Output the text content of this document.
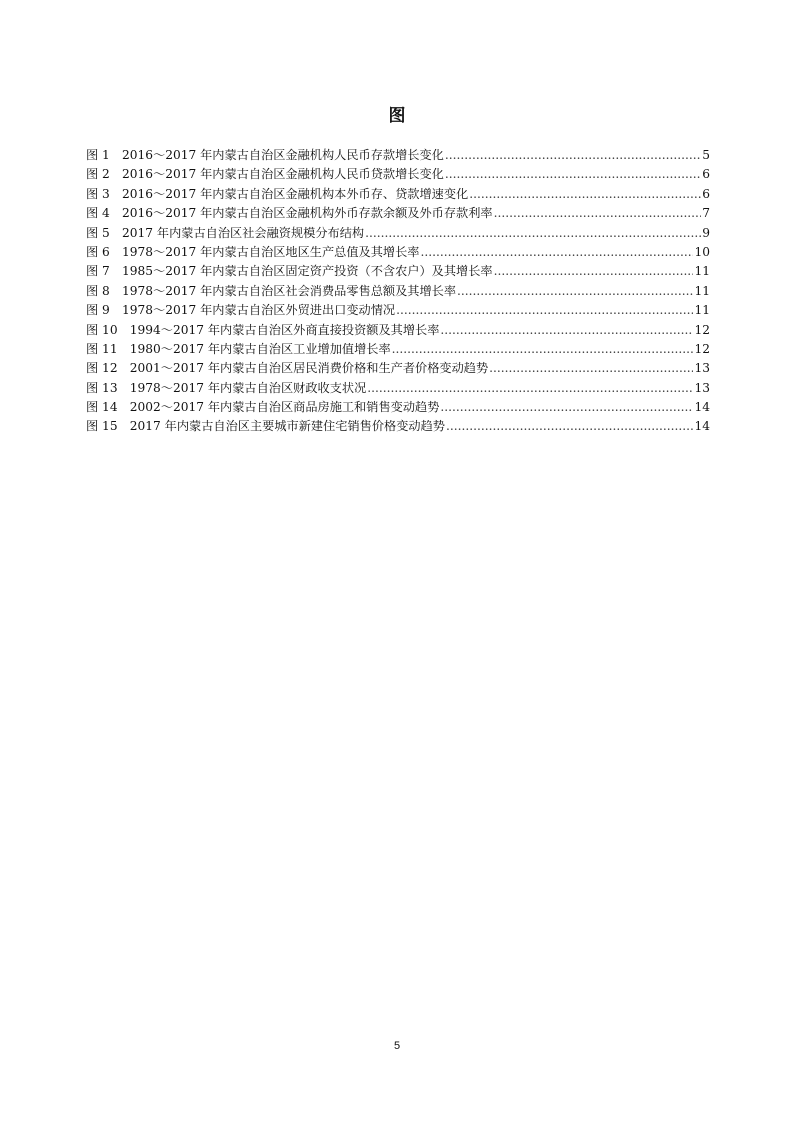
图
图 1　2016～2017 年内蒙古自治区金融机构人民币存款增长变化 .....	5
图 2　2016～2017 年内蒙古自治区金融机构人民币贷款增长变化 .....	6
图 3　2016～2017 年内蒙古自治区金融机构本外币存、贷款增速变化 .....	6
图 4　2016～2017 年内蒙古自治区金融机构外币存款余额及外币存款利率 .....	7
图 5　2017 年内蒙古自治区社会融资规模分布结构 .....	9
图 6　1978～2017 年内蒙古自治区地区生产总值及其增长率 .....	10
图 7　1985～2017 年内蒙古自治区固定资产投资（不含农户）及其增长率 .....	11
图 8　1978～2017 年内蒙古自治区社会消费品零售总额及其增长率 .....	11
图 9　1978～2017 年内蒙古自治区外贸进出口变动情况 .....	11
图 10　1994～2017 年内蒙古自治区外商直接投资额及其增长率 .....	12
图 11　1980～2017 年内蒙古自治区工业增加值增长率 .....	12
图 12　2001～2017 年内蒙古自治区居民消费价格和生产者价格变动趋势 .....	13
图 13　1978～2017 年内蒙古自治区财政收支状况 .....	13
图 14　2002～2017 年内蒙古自治区商品房施工和销售变动趋势 .....	14
图 15　2017 年内蒙古自治区主要城市新建住宅销售价格变动趋势 .....	14
5
